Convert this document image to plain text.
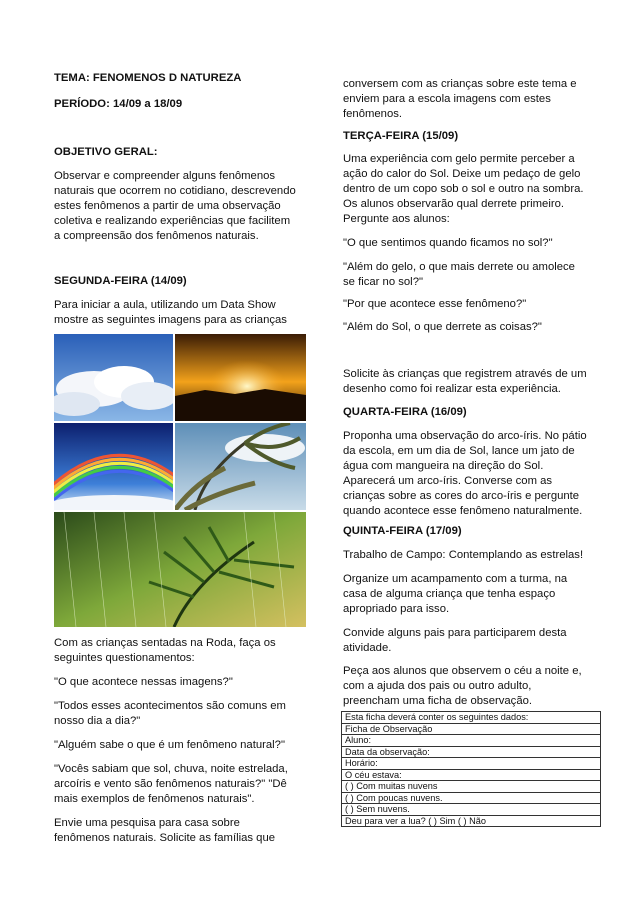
TEMA: FENOMENOS D NATUREZA

PERÍODO: 14/09 a 18/09

OBJETIVO GERAL:

Observar e compreender alguns fenômenos

naturais que ocorrem no cotidiano, descrevendo

estes fenômenos a partir de uma observação

coletiva e realizando experiências que facilitem

a compreensão dos fenômenos naturais.

SEGUNDA-FEIRA (14/09)

Para iniciar a aula, utilizando um Data Show

mostre as seguintes imagens para as crianças

Com as crianças sentadas na Roda, faça os

seguintes questionamentos:

"O que acontece nessas imagens?"

"Todos esses acontecimentos são comuns em

nosso dia a dia?"

"Alguém sabe o que é um fenômeno natural?"

"Vocês sabiam que sol, chuva, noite estrelada,

arcoíris e vento são fenômenos naturais?" "Dê

mais exemplos de fenômenos naturais".

Envie uma pesquisa para casa sobre

fenômenos naturais. Solicite as famílias que

conversem com as crianças sobre este tema e

enviem para a escola imagens com estes

fenômenos.

TERÇA-FEIRA (15/09)

Uma experiência com gelo permite perceber a

ação do calor do Sol. Deixe um pedaço de gelo

dentro de um copo sob o sol e outro na sombra.

Os alunos observarão qual derrete primeiro.

Pergunte aos alunos:

"O que sentimos quando ficamos no sol?"

"Além do gelo, o que mais derrete ou amolece

se ficar no sol?"

"Por que acontece esse fenômeno?"

"Além do Sol, o que derrete as coisas?"

Solicite às crianças que registrem através de um

desenho como foi realizar esta experiência.

QUARTA-FEIRA (16/09)

Proponha uma observação do arco-íris. No pátio

da escola, em um dia de Sol, lance um jato de

água com mangueira na direção do Sol.

Aparecerá um arco-íris. Converse com as

crianças sobre as cores do arco-íris e pergunte

quando acontece esse fenômeno naturalmente.

QUINTA-FEIRA (17/09)

Trabalho de Campo: Contemplando as estrelas!

Organize um acampamento com a turma, na

casa de alguma criança que tenha espaço

apropriado para isso.

Convide alguns pais para participarem desta

atividade.

Peça aos alunos que observem o céu a noite e,

com a ajuda dos pais ou outro adulto,

preencham uma ficha de observação.

Esta ficha deverá conter os seguintes dados:
Ficha de Observação
Aluno:
Data da observação:
Horário:
O céu estava:
( ) Com muitas nuvens
( ) Com poucas nuvens.
( ) Sem nuvens.
Deu para ver a lua? ( ) Sim ( ) Não
